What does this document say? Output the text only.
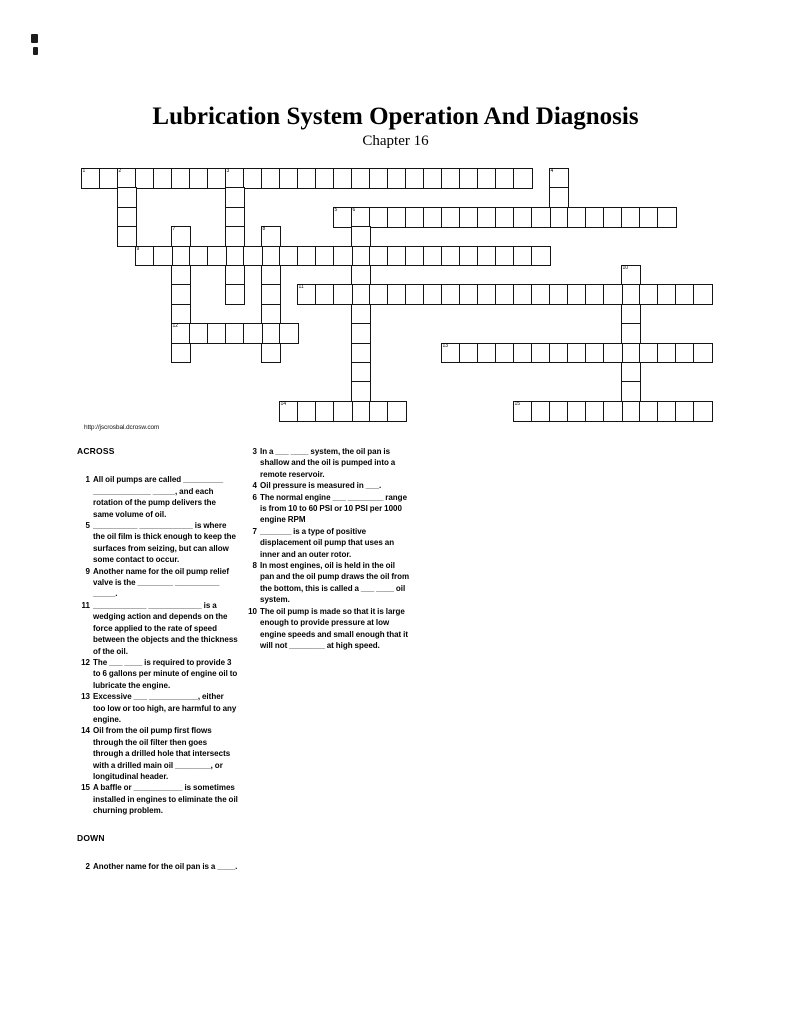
Lubrication System Operation And Diagnosis
Chapter 16
1	2	3	4
5	6
7
12
8
9
10
11
13
14	15
http://jscrosbal.dcrosw.com
ACROSS
1 All oil pumps are called _________ _____________ _____, and each rotation of the pump delivers the same volume of oil.
5 __________ ____________ is where the oil film is thick enough to keep the surfaces from seizing, but can allow some contact to occur.
9 Another name for the oil pump relief valve is the ________ __________ _____.
11 ____________ ____________ is a wedging action and depends on the force applied to the rate of speed between the objects and the thickness of the oil.
12 The ___ ____ is required to provide 3 to 6 gallons per minute of engine oil to lubricate the engine.
13 Excessive ___ ___________, either too low or too high, are harmful to any engine.
14 Oil from the oil pump first flows through the oil filter then goes through a drilled hole that intersects with a drilled main oil ________, or longitudinal header.
15 A baffle or ___________ is sometimes installed in engines to eliminate the oil churning problem.
DOWN
2 Another name for the oil pan is a ____.
3 In a ___ ____ system, the oil pan is shallow and the oil is pumped into a remote reservoir.
4 Oil pressure is measured in ___.
6 The normal engine ___ ________ range is from 10 to 60 PSI or 10 PSI per 1000 engine RPM
7 _______ is a type of positive displacement oil pump that uses an inner and an outer rotor.
8 In most engines, oil is held in the oil pan and the oil pump draws the oil from the bottom, this is called a ___ ____ oil system.
10 The oil pump is made so that it is large enough to provide pressure at low engine speeds and small enough that it will not ________ at high speed.
